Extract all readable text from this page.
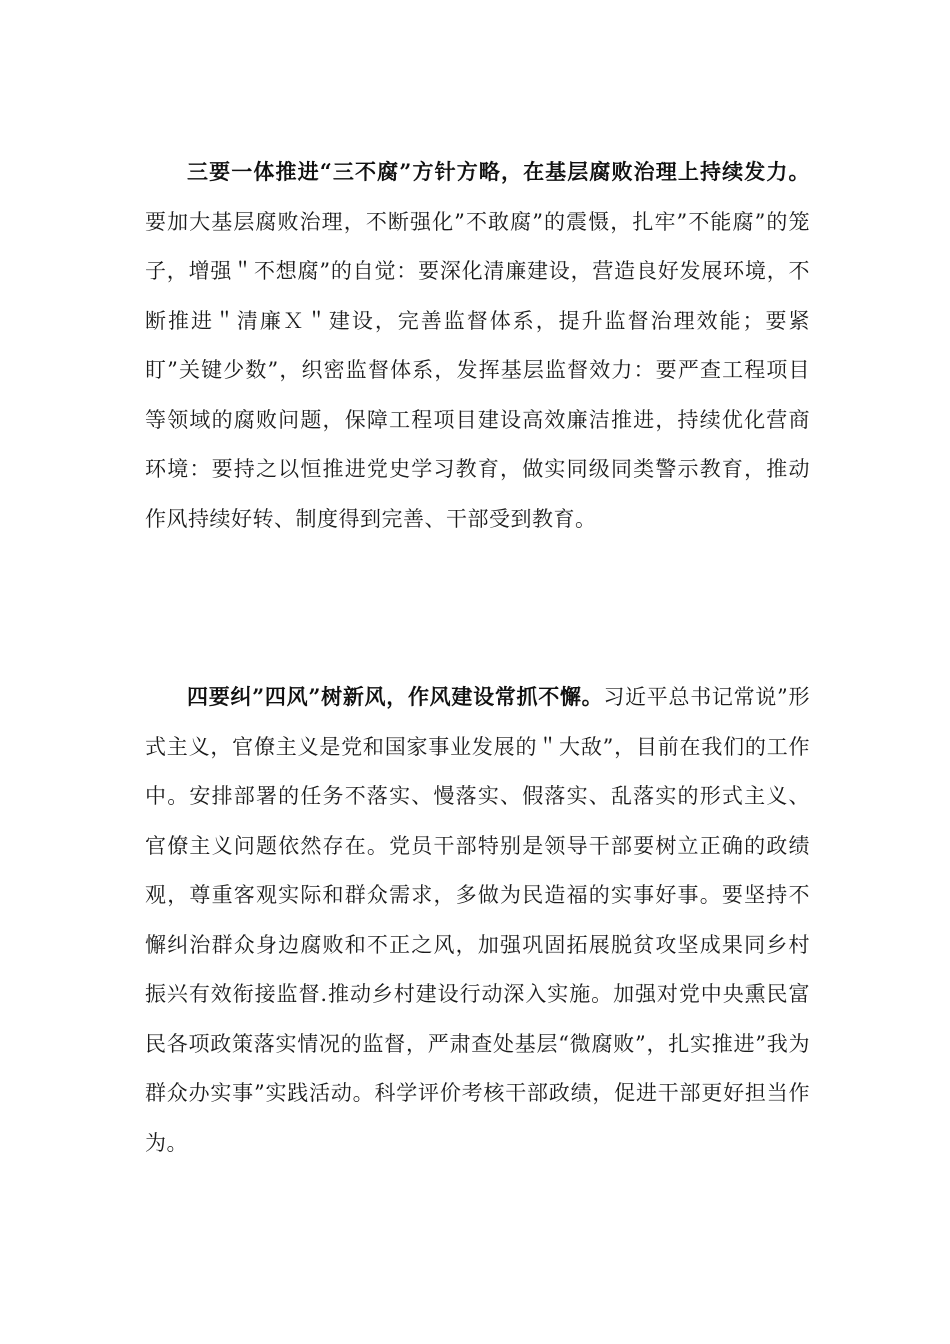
三要一体推进“三不腐”方针方略，在基层腐败治理上持续发力。要加大基层腐败治理，不断强化”不敢腐”的震慑，扎牢”不能腐”的笼子，增强＂不想腐”的自觉：要深化清廉建设，营造良好发展环境，不断推进＂清廉Ｘ＂建设，完善监督体系，提升监督治理效能；要紧盯”关键少数”，织密监督体系，发挥基层监督效力：要严查工程项目等领域的腐败问题，保障工程项目建设高效廉洁推进，持续优化营商环境：要持之以恒推进党史学习教育，做实同级同类警示教育，推动作风持续好转、制度得到完善、干部受到教育。

四要纠”四风”树新风，作风建设常抓不懈。习近平总书记常说”形式主义，官僚主义是党和国家事业发展的＂大敌”，目前在我们的工作中。安排部署的任务不落实、慢落实、假落实、乱落实的形式主义、官僚主义问题依然存在。党员干部特别是领导干部要树立正确的政绩观，尊重客观实际和群众需求，多做为民造福的实事好事。要坚持不懈纠治群众身边腐败和不正之风，加强巩固拓展脱贫攻坚成果同乡村振兴有效衔接监督.推动乡村建设行动深入实施。加强对党中央熏民富民各项政策落实情况的监督，严肃查处基层“微腐败”，扎实推进”我为群众办实事”实践活动。科学评价考核干部政绩，促进干部更好担当作为。
